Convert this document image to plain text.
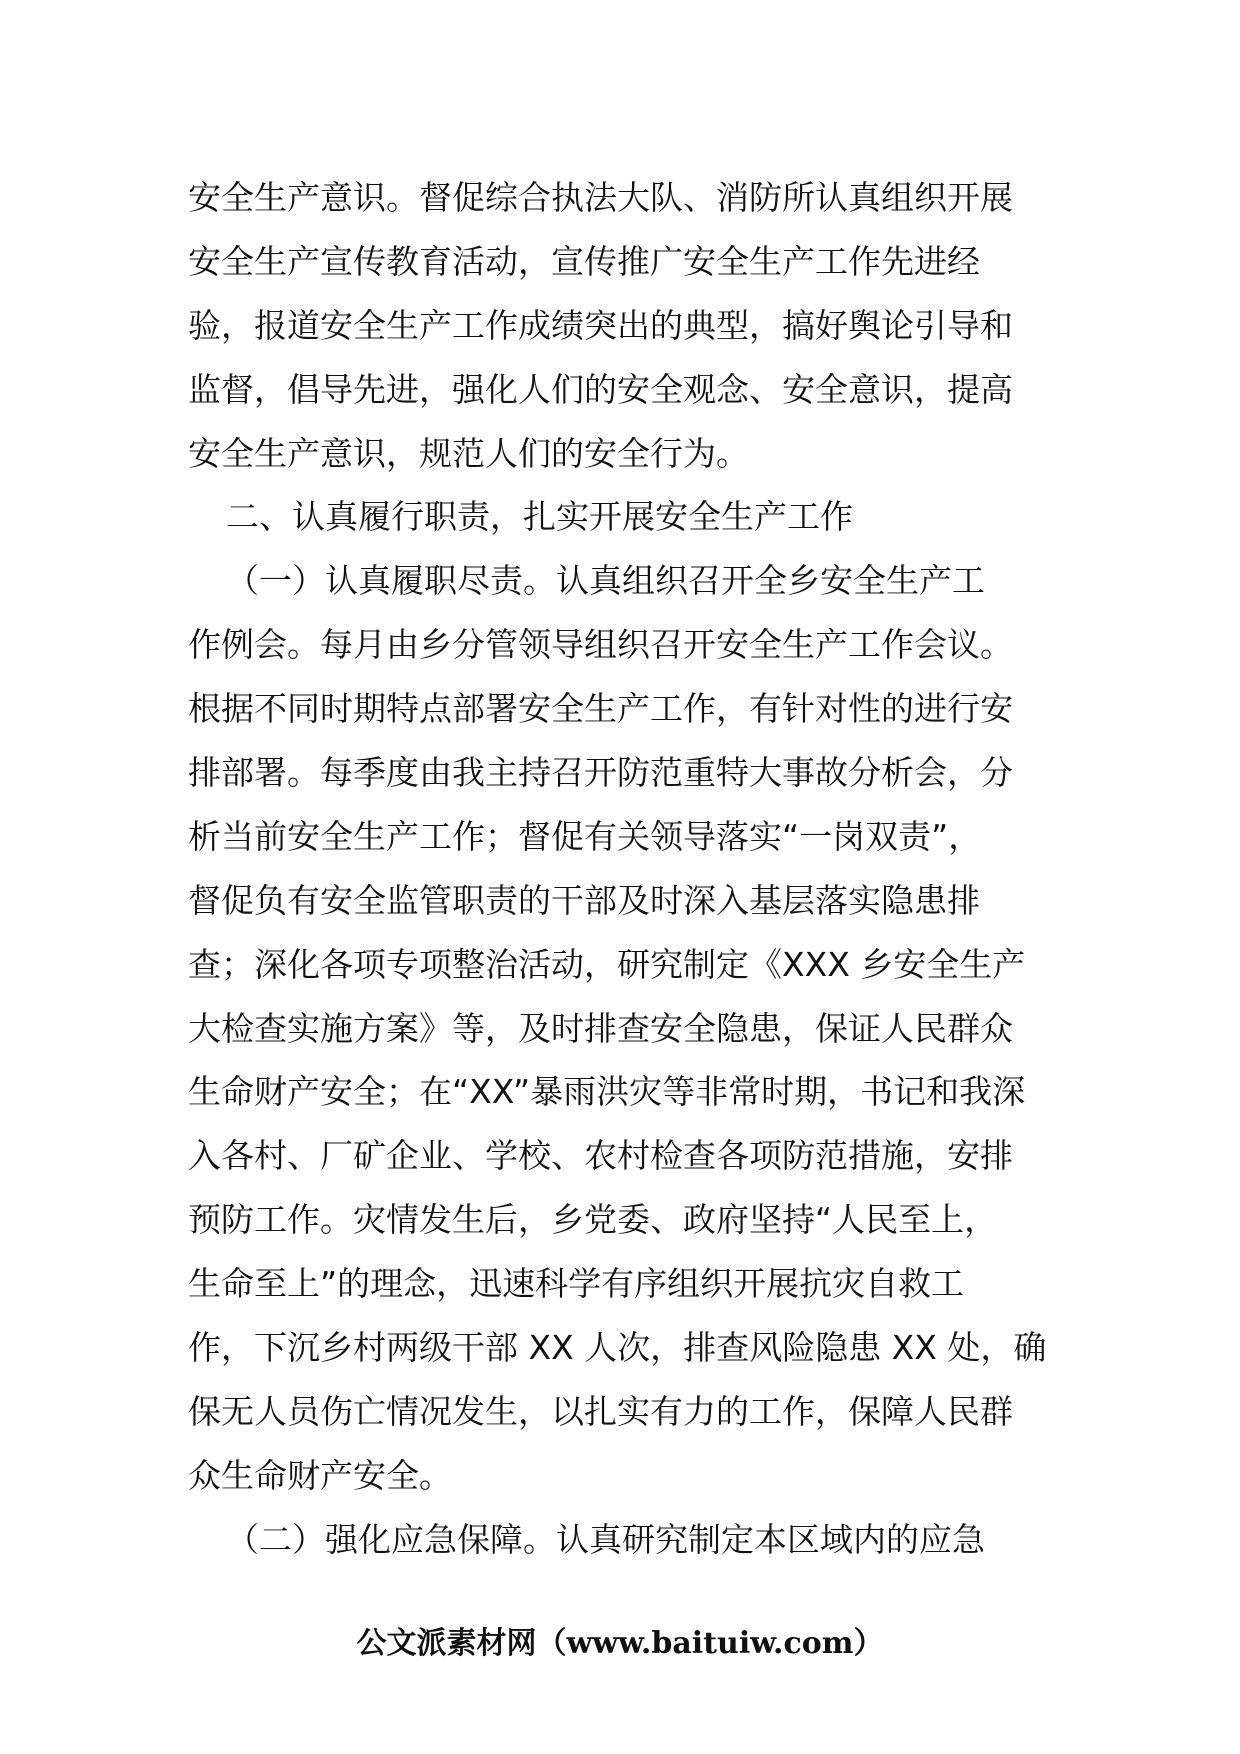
安全生产意识。督促综合执法大队、消防所认真组织开展
安全生产宣传教育活动，宣传推广安全生产工作先进经
验，报道安全生产工作成绩突出的典型，搞好舆论引导和
监督，倡导先进，强化人们的安全观念、安全意识，提高
安全生产意识，规范人们的安全行为。
二、认真履行职责，扎实开展安全生产工作
（一）认真履职尽责。认真组织召开全乡安全生产工
作例会。每月由乡分管领导组织召开安全生产工作会议。
根据不同时期特点部署安全生产工作，有针对性的进行安
排部署。每季度由我主持召开防范重特大事故分析会，分
析当前安全生产工作；督促有关领导落实“一岗双责”，
督促负有安全监管职责的干部及时深入基层落实隐患排
查；深化各项专项整治活动，研究制定《XXX 乡安全生产
大检查实施方案》等，及时排查安全隐患，保证人民群众
生命财产安全；在“XX”暴雨洪灾等非常时期，书记和我深
入各村、厂矿企业、学校、农村检查各项防范措施，安排
预防工作。灾情发生后，乡党委、政府坚持“人民至上，
生命至上”的理念，迅速科学有序组织开展抗灾自救工
作，下沉乡村两级干部 XX 人次，排查风险隐患 XX 处，确
保无人员伤亡情况发生，以扎实有力的工作，保障人民群
众生命财产安全。
（二）强化应急保障。认真研究制定本区域内的应急
公文派素材网（www.baituiw.com）
